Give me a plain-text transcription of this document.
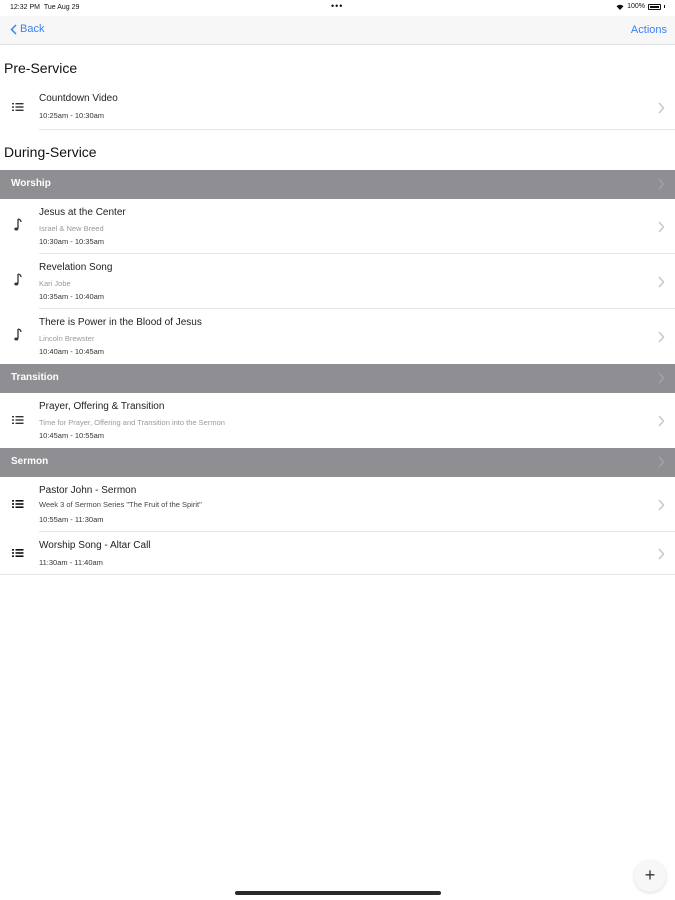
12:32 PM Tue Aug 29	•••	100%
Back	Actions
Pre-Service
Countdown Video
10:25am - 10:30am
During-Service
Worship
Jesus at the Center
Israel & New Breed
10:30am - 10:35am
Revelation Song
Kari Jobe
10:35am - 10:40am
There is Power in the Blood of Jesus
Lincoln Brewster
10:40am - 10:45am
Transition
Prayer, Offering & Transition
Time for Prayer, Offering and Transition into the Sermon
10:45am - 10:55am
Sermon
Pastor John - Sermon
Week 3 of Sermon Series "The Fruit of the Spirit"
10:55am - 11:30am
Worship Song - Altar Call
11:30am - 11:40am
+
